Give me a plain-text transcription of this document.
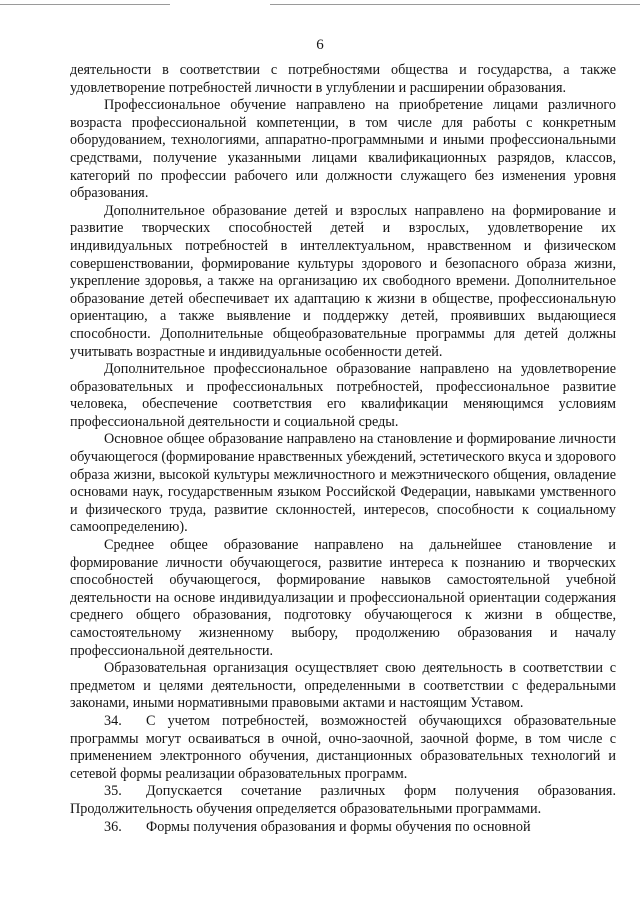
6

деятельности в соответствии с потребностями общества и государства, а также удовлетворение потребностей личности в углублении и расширении образования.

Профессиональное обучение направлено на приобретение лицами различного возраста профессиональной компетенции, в том числе для работы с конкретным оборудованием, технологиями, аппаратно-программными и иными профессиональными средствами, получение указанными лицами квалификационных разрядов, классов, категорий по профессии рабочего или должности служащего без изменения уровня образования.

Дополнительное образование детей и взрослых направлено на формирование и развитие творческих способностей детей и взрослых, удовлетворение их индивидуальных потребностей в интеллектуальном, нравственном и физическом совершенствовании, формирование культуры здорового и безопасного образа жизни, укрепление здоровья, а также на организацию их свободного времени. Дополнительное образование детей обеспечивает их адаптацию к жизни в обществе, профессиональную ориентацию, а также выявление и поддержку детей, проявивших выдающиеся способности. Дополнительные общеобразовательные программы для детей должны учитывать возрастные и индивидуальные особенности детей.

Дополнительное профессиональное образование направлено на удовлетворение образовательных и профессиональных потребностей, профессиональное развитие человека, обеспечение соответствия его квалификации меняющимся условиям профессиональной деятельности и социальной среды.

Основное общее образование направлено на становление и формирование личности обучающегося (формирование нравственных убеждений, эстетического вкуса и здорового образа жизни, высокой культуры межличностного и межэтнического общения, овладение основами наук, государственным языком Российской Федерации, навыками умственного и физического труда, развитие склонностей, интересов, способности к социальному самоопределению).

Среднее общее образование направлено на дальнейшее становление и формирование личности обучающегося, развитие интереса к познанию и творческих способностей обучающегося, формирование навыков самостоятельной учебной деятельности на основе индивидуализации и профессиональной ориентации содержания среднего общего образования, подготовку обучающегося к жизни в обществе, самостоятельному жизненному выбору, продолжению образования и началу профессиональной деятельности.

Образовательная организация осуществляет свою деятельность в соответствии с предметом и целями деятельности, определенными в соответствии с федеральными законами, иными нормативными правовыми актами и настоящим Уставом.

34. С учетом потребностей, возможностей обучающихся образовательные программы могут осваиваться в очной, очно-заочной, заочной форме, в том числе с применением электронного обучения, дистанционных образовательных технологий и сетевой формы реализации образовательных программ.

35. Допускается сочетание различных форм получения образования. Продолжительность обучения определяется образовательными программами.

36. Формы получения образования и формы обучения по основной
